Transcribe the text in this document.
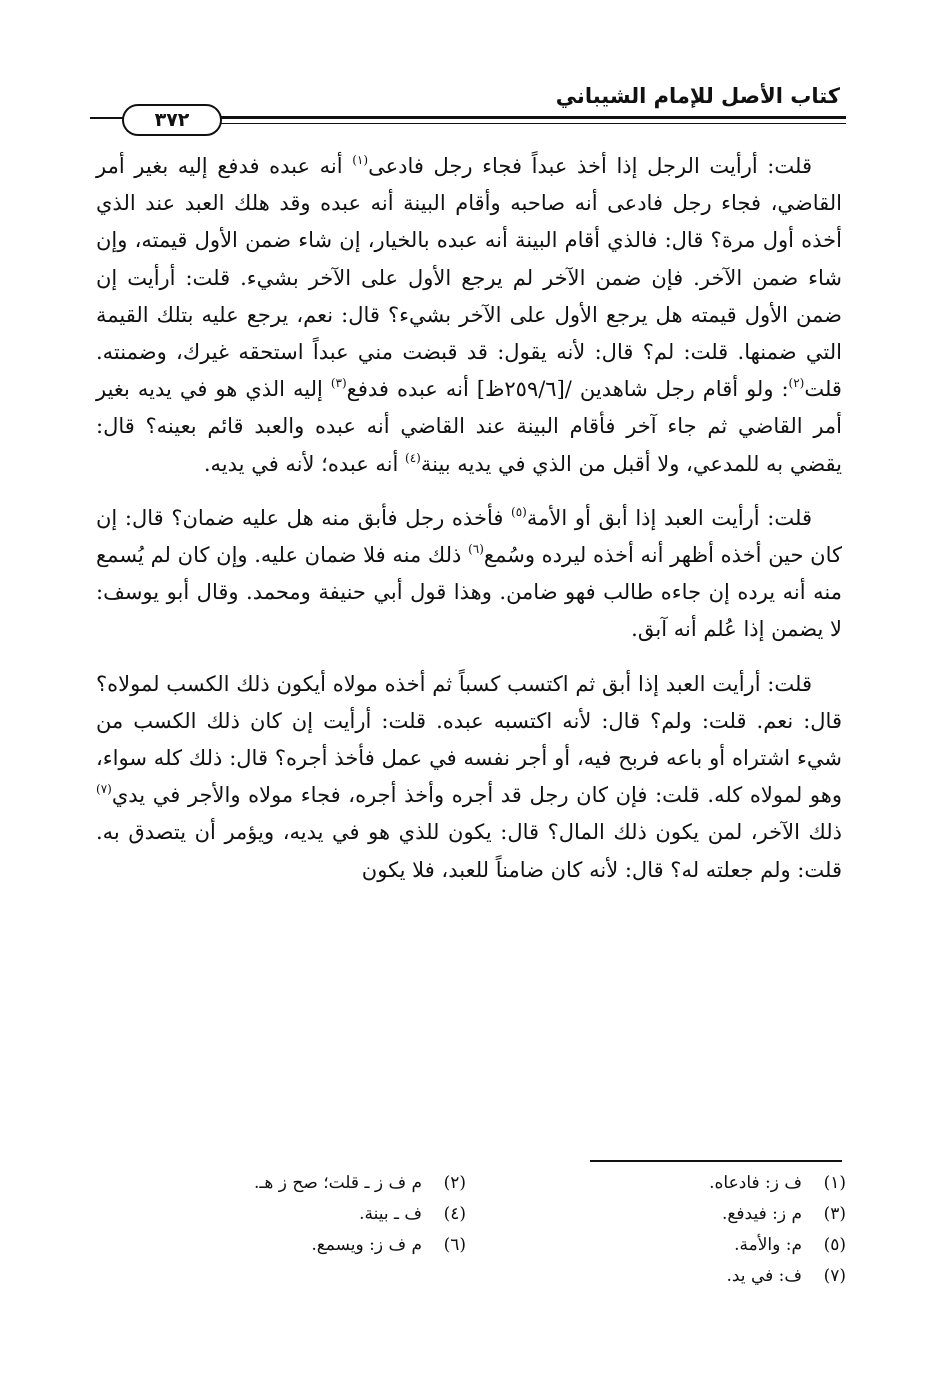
كتاب الأصل للإمام الشيباني
٣٧٢

قلت: أرأيت الرجل إذا أخذ عبداً فجاء رجل فادعى$^{(١)}$ أنه عبده فدفع إليه بغير أمر القاضي، فجاء رجل فادعى أنه صاحبه وأقام البينة أنه عبده وقد هلك العبد عند الذي أخذه أول مرة؟ قال: فالذي أقام البينة أنه عبده بالخيار، إن شاء ضمن الأول قيمته، وإن شاء ضمن الآخر. فإن ضمن الآخر لم يرجع الأول على الآخر بشيء. قلت: أرأيت إن ضمن الأول قيمته هل يرجع الأول على الآخر بشيء؟ قال: نعم، يرجع عليه بتلك القيمة التي ضمنها. قلت: لم؟ قال: لأنه يقول: قد قبضت مني عبداً استحقه غيرك، وضمنته. قلت$^{(٢)}$: ولو أقام رجل شاهدين /[٢٥٩/٦ظ] أنه عبده فدفع$^{(٣)}$ إليه الذي هو في يديه بغير أمر القاضي ثم جاء آخر فأقام البينة عند القاضي أنه عبده والعبد قائم بعينه؟ قال: يقضي به للمدعي، ولا أقبل من الذي في يديه بينة$^{(٤)}$ أنه عبده؛ لأنه في يديه.

قلت: أرأيت العبد إذا أبق أو الأمة$^{(٥)}$ فأخذه رجل فأبق منه هل عليه ضمان؟ قال: إن كان حين أخذه أظهر أنه أخذه ليرده وسُمع$^{(٦)}$ ذلك منه فلا ضمان عليه. وإن كان لم يُسمع منه أنه يرده إن جاءه طالب فهو ضامن. وهذا قول أبي حنيفة ومحمد. وقال أبو يوسف: لا يضمن إذا عُلم أنه آبق.

قلت: أرأيت العبد إذا أبق ثم اكتسب كسباً ثم أخذه مولاه أيكون ذلك الكسب لمولاه؟ قال: نعم. قلت: ولم؟ قال: لأنه اكتسبه عبده. قلت: أرأيت إن كان ذلك الكسب من شيء اشتراه أو باعه فربح فيه، أو أجر نفسه في عمل فأخذ أجره؟ قال: ذلك كله سواء، وهو لمولاه كله. قلت: فإن كان رجل قد أجره وأخذ أجره، فجاء مولاه والأجر في يدي$^{(٧)}$ ذلك الآخر، لمن يكون ذلك المال؟ قال: يكون للذي هو في يديه، ويؤمر أن يتصدق به. قلت: ولم جعلته له؟ قال: لأنه كان ضامناً للعبد، فلا يكون

(١)ف ز: فادعاه.
(٣)م ز: فيدفع.
(٥)م: والأمة.
(٧)ف: في يد.
(٢)م ف ز ـ قلت؛ صح ز هـ.
(٤)ف ـ بينة.
(٦)م ف ز: ويسمع.
